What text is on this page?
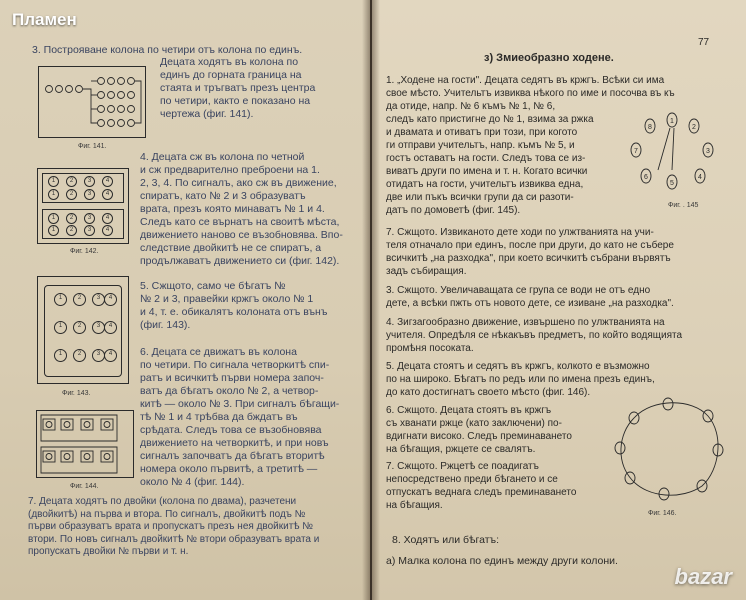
Пламен
3. Построяване колона по четири отъ колона по единъ.
Фиг. 141.
Децата ходятъ въ колона по
единъ до горната граница на
стаята и тръгватъ презъ центра
по четири, както е показано на
чертежа (фиг. 141).
1	2	3	4
1	2	3	4
1	2	3	4
1	2	3	4
Фиг. 142.
4. Децата сж въ колона по четной
и сж предварително преброени на 1.
2, 3, 4. По сигналъ, ако сж въ движение,
спиратъ, като № 2 и 3 образуватъ
врата, презъ която минаватъ № 1 и 4.
Следъ като се върнатъ на своитѣ мѣста,
движението наново се възобновява. Впо-
следствие двойкитѣ не се спиратъ, а
продължаватъ движението си (фиг. 142).
1	2	3	4
1	2	3	4
1	2	3	4
Фиг. 143.
5. Сжщото, само че бѣгатъ №
№ 2 и 3, правейки кржгъ около № 1
и 4, т. е. обикалятъ колоната отъ вънъ
(фиг. 143).
6. Децата се движатъ въ колона
по четири. По сигнала четворкитѣ спи-
ратъ и всичкитѣ първи номера започ-
ватъ да бѣгатъ около № 2, а четвор-
китѣ — около № 3. При сигналъ бѣгащи-
тѣ № 1 и 4 трѣбва да бждатъ въ
срѣдата. Следъ това се възобновява
движението на четворкитѣ, и при новъ
сигналъ започватъ да бѣгатъ вторитѣ
номера около първитѣ, а третитѣ —
около № 4 (фиг. 144).
Фиг. 144.
7. Децата ходятъ по двойки (колона по двама), разчетени
(двойкитѣ) на първа и втора. По сигналъ, двойкитѣ подъ №
първи образуватъ врата и пропускатъ презъ нея двойкитѣ №
втори. По новъ сигналъ двойкитѣ № втори образуватъ врата и
пропускатъ двойки № първи и т. н.
77
з) Змиеобразно ходене.
1. „Ходене на гости". Децата седятъ въ кржгъ. Всѣки си има
свое мѣсто. Учительтъ извиква нѣкого по име и посочва въ къ
да отиде, напр. № 6 къмъ № 1, № 6,
следъ като пристигне до № 1, взима за ржка
и двамата и отиватъ при този, при когото
ги отправи учительтъ, напр. къмъ № 5, и
гостъ оставатъ на гости. Следъ това се из-
виватъ други по имена и т. н. Когато всички
отидатъ на гости, учительтъ извиква една,
две или пъкъ всички групи да си разоти-
датъ по домоветѣ (фиг. 145).
1
2
3
4
5
6
7
8
Фиг. . 145
7. Сжщото. Извиканото дете ходи по улжтванията на учи-
теля отначало при единъ, после при други, до като не събере
всичкитѣ „на разходка", при което всичкитѣ събрани вървятъ
задъ събиращия.
3. Сжщото. Увеличаващата се група се води не отъ едно
дете, а всѣки пжть отъ новото дете, се изиване „на разходка".
4. Зигзагообразно движение, извършено по улжтванията на
учителя. Опредѣля се нѣкакъвъ предметъ, по който водящията
промѣня посоката.
5. Децата стоятъ и седятъ въ кржгъ, колкото е възможно
по на широко. Бѣгатъ по редъ или по имена презъ единъ,
до като достигнатъ своето мѣсто (фиг. 146).
6. Сжщото. Децата стоятъ въ кржгъ
съ хванати ржце (като заключени) по-
вдигнати високо. Следъ преминаването
на бѣгащия, ржцете се свалятъ.
Фиг. 146.
7. Сжщото. Ржцетѣ се поадигатъ
непосредствено преди бѣгането и се
отпускатъ веднага следъ преминаването
на бѣгащия.
8. Ходятъ или бѣгатъ:
а) Малка колона по единъ между други колони.
bazar
